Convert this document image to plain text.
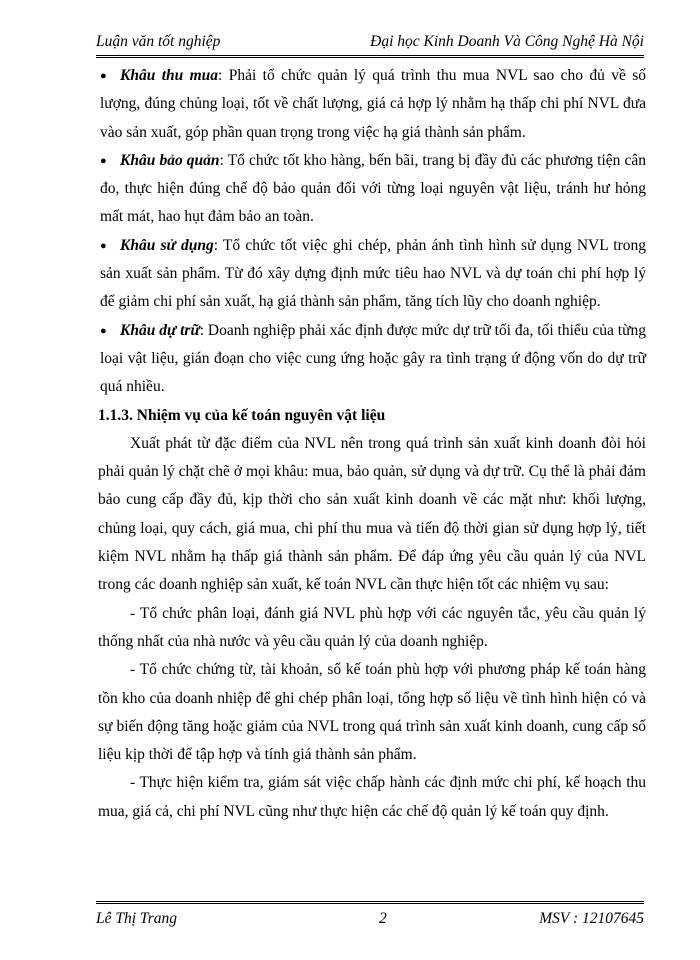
Luận văn tốt nghiệp	Đại học Kinh Doanh Và Công Nghệ Hà Nội

● Khâu thu mua: Phải tổ chức quản lý quá trình thu mua NVL sao cho đủ về số lượng, đúng chủng loại, tốt về chất lượng, giá cả hợp lý nhằm hạ thấp chi phí NVL đưa vào sản xuất, góp phần quan trọng trong việc hạ giá thành sản phẩm.

● Khâu bảo quản: Tổ chức tốt kho hàng, bến bãi, trang bị đầy đủ các phương tiện cân đo, thực hiện đúng chế độ bảo quản đối với từng loại nguyên vật liệu, tránh hư hỏng mất mát, hao hụt đảm bảo an toàn.

● Khâu sử dụng: Tổ chức tốt việc ghi chép, phản ánh tình hình sử dụng NVL trong sản xuất sản phẩm. Từ đó xây dựng định mức tiêu hao NVL và dự toán chi phí hợp lý để giảm chi phí sản xuất, hạ giá thành sản phẩm, tăng tích lũy cho doanh nghiệp.

● Khâu dự trữ: Doanh nghiệp phải xác định được mức dự trữ tối đa, tối thiểu của từng loại vật liệu, gián đoạn cho việc cung ứng hoặc gây ra tình trạng ứ động vốn do dự trữ quá nhiều.

1.1.3. Nhiệm vụ của kế toán nguyên vật liệu

Xuất phát từ đặc điểm của NVL nên trong quá trình sản xuất kinh doanh đòi hỏi phải quản lý chặt chẽ ở mọi khâu: mua, bảo quản, sử dụng và dự trữ. Cụ thể là phải đảm bảo cung cấp đầy đủ, kịp thời cho sản xuất kinh doanh về các mặt như: khối lượng, chủng loại, quy cách, giá mua, chi phí thu mua và tiến độ thời gian sử dụng hợp lý, tiết kiệm NVL nhằm hạ thấp giá thành sản phẩm. Để đáp ứng yêu cầu quản lý của NVL trong các doanh nghiệp sản xuất, kế toán NVL cần thực hiện tốt các nhiệm vụ sau:

- Tổ chức phân loại, đánh giá NVL phù hợp với các nguyên tắc, yêu cầu quản lý thống nhất của nhà nước và yêu cầu quản lý của doanh nghiệp.

- Tổ chức chứng từ, tài khoản, sổ kế toán phù hợp với phương pháp kế toán hàng tồn kho của doanh nhiệp để ghi chép phân loại, tổng hợp số liệu về tình hình hiện có và sự biến động tăng hoặc giảm của NVL trong quá trình sản xuất kinh doanh, cung cấp số liệu kịp thời để tập hợp và tính giá thành sản phẩm.

- Thực hiện kiểm tra, giám sát việc chấp hành các định mức chi phí, kế hoạch thu mua, giá cả, chi phí NVL cũng như thực hiện các chế độ quản lý kế toán quy định.

Lê Thị Trang	2	MSV : 12107645
